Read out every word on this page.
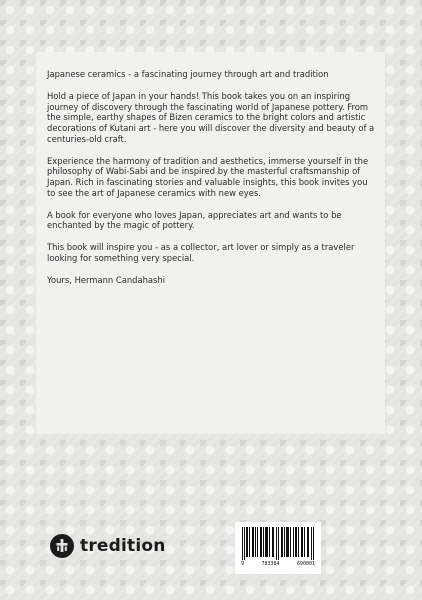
Japanese ceramics - a fascinating journey through art and tradition

Hold a piece of Japan in your hands! This book takes you on an inspiring journey of discovery through the fascinating world of Japanese pottery. From the simple, earthy shapes of Bizen ceramics to the bright colors and artistic decorations of Kutani art - here you will discover the diversity and beauty of a centuries-old craft.

Experience the harmony of tradition and aesthetics, immerse yourself in the philosophy of Wabi-Sabi and be inspired by the masterful craftsmanship of Japan. Rich in fascinating stories and valuable insights, this book invites you to see the art of Japanese ceramics with new eyes.

A book for everyone who loves Japan, appreciates art and wants to be enchanted by the magic of pottery.

This book will inspire you - as a collector, art lover or simply as a traveler looking for something very special.

Yours, Hermann Candahashi

tredition
9	783384	690001
